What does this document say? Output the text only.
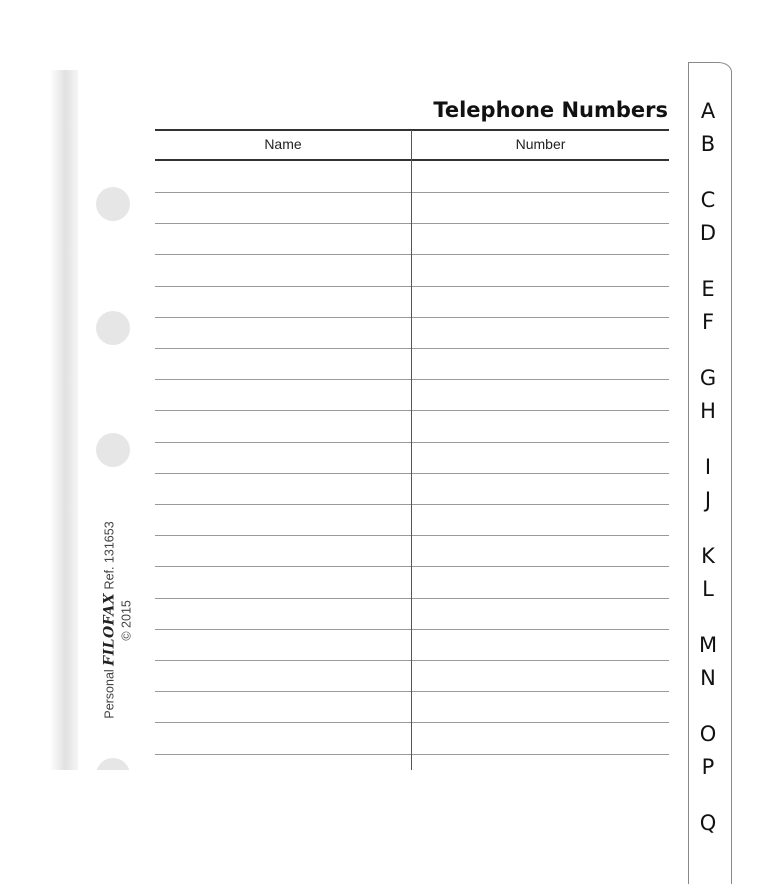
Telephone Numbers
Name	Number
Personal FILOFAX Ref. 131653
© 2015
A
B
C
D
E
F
G
H
I
J
K
L
M
N
O
P
Q
